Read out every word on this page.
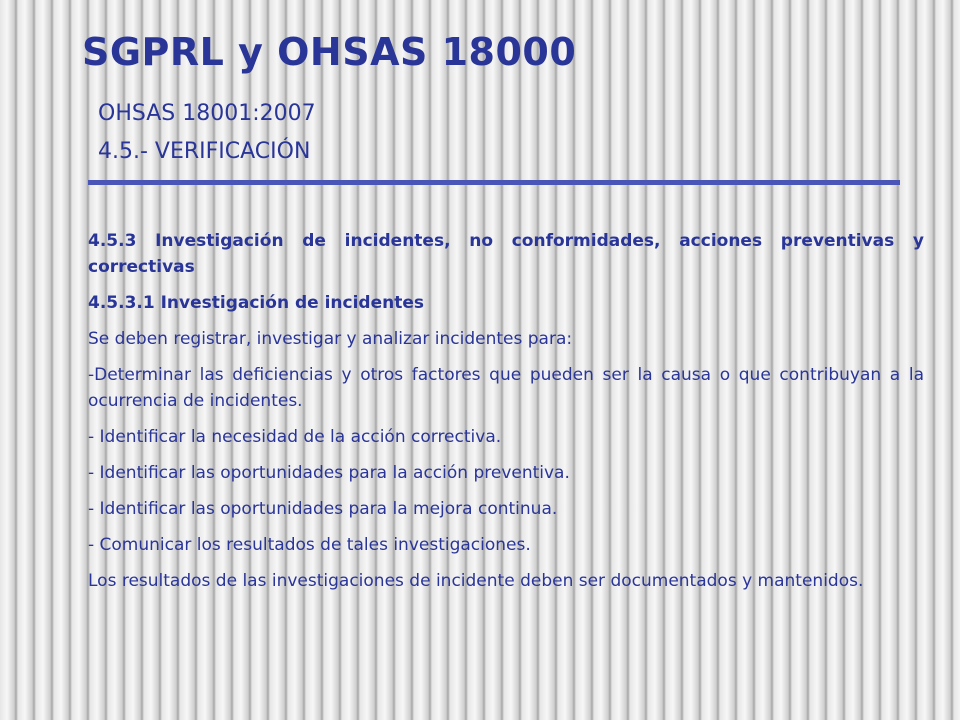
SGPRL y OHSAS 18000
OHSAS 18001:2007
4.5.- VERIFICACIÓN

4.5.3 Investigación de incidentes, no conformidades, acciones preventivas y correctivas

4.5.3.1 Investigación de incidentes

Se deben registrar, investigar y analizar incidentes para:

-Determinar las deficiencias y otros factores que pueden ser la causa o que contribuyan a la ocurrencia de incidentes.

- Identificar la necesidad de la acción correctiva.

- Identificar las oportunidades para la acción preventiva.

- Identificar las oportunidades para la mejora continua.

- Comunicar los resultados de tales investigaciones.

Los resultados de las investigaciones de incidente deben ser documentados y mantenidos.
